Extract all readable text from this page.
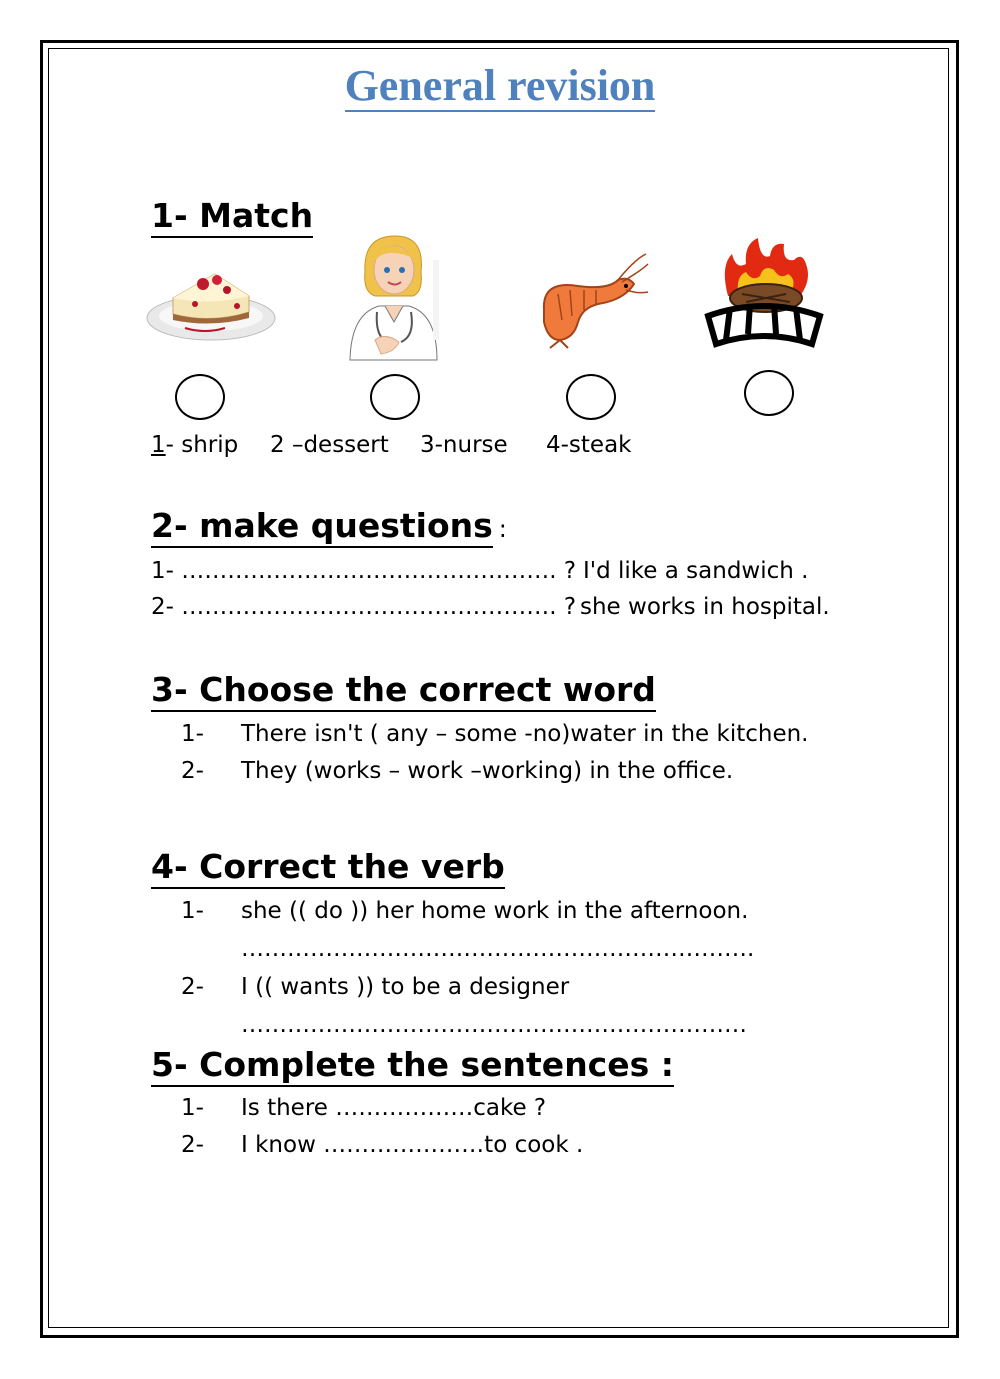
General revision
1- Match
1- shrip 2 –dessert 3-nurse 4-steak
2- make questions :
1- …………………………………………. ? I'd like a sandwich .
2- …………………………………………. ? she works in hospital.
3- Choose the correct word
1- There isn't ( any – some -no)water in the kitchen.
2- They (works – work –working) in the office.
4- Correct the verb
1- she (( do )) her home work in the afternoon.
………………………………………………………….
2- I (( wants )) to be a designer
…………………………………………………………
5- Complete the sentences :
1- Is there ………………cake ?
2- I know …………………to cook .
